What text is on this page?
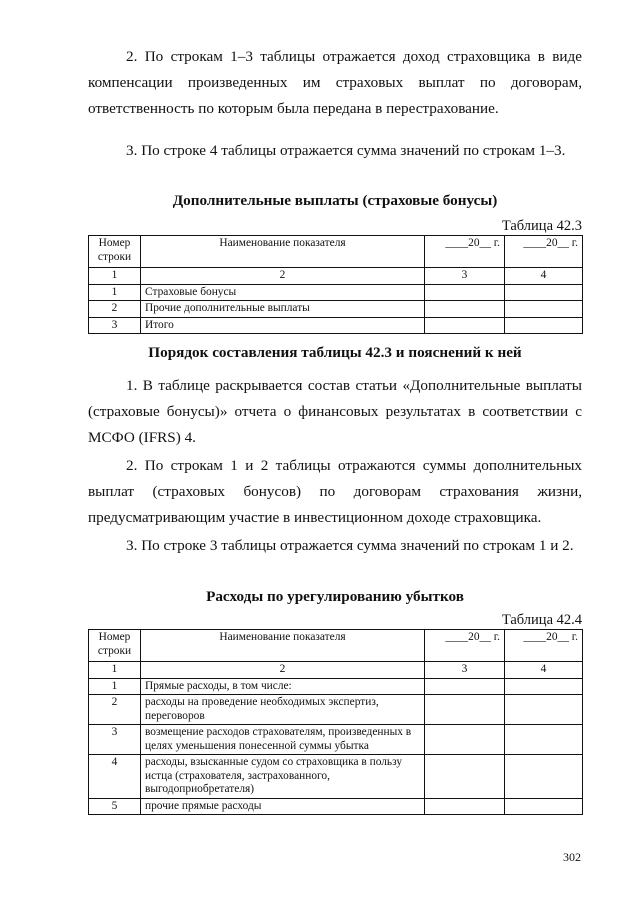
2. По строкам 1–3 таблицы отражается доход страховщика в виде компенсации произведенных им страховых выплат по договорам, ответственность по которым была передана в перестрахование.

3. По строке 4 таблицы отражается сумма значений по строкам 1–3.

Дополнительные выплаты (страховые бонусы)
Таблица 42.3
Номер строки	Наименование показателя	____20__ г.	____20__ г.
1	2	3	4
1	Страховые бонусы		
2	Прочие дополнительные выплаты		
3	Итого		
Порядок составления таблицы 42.3 и пояснений к ней

1. В таблице раскрывается состав статьи «Дополнительные выплаты (страховые бонусы)» отчета о финансовых результатах в соответствии с МСФО (IFRS) 4.

2. По строкам 1 и 2 таблицы отражаются суммы дополнительных выплат (страховых бонусов) по договорам страхования жизни, предусматривающим участие в инвестиционном доходе страховщика.

3. По строке 3 таблицы отражается сумма значений по строкам 1 и 2.

Расходы по урегулированию убытков
Таблица 42.4
Номер строки	Наименование показателя	____20__ г.	____20__ г.
1	2	3	4
1	Прямые расходы, в том числе:		
2	расходы на проведение необходимых экспертиз, переговоров		
3	возмещение расходов страхователям, произведенных в целях уменьшения понесенной суммы убытка		
4	расходы, взысканные судом со страховщика в пользу истца (страхователя, застрахованного, выгодоприобретателя)		
5	прочие прямые расходы		
302
